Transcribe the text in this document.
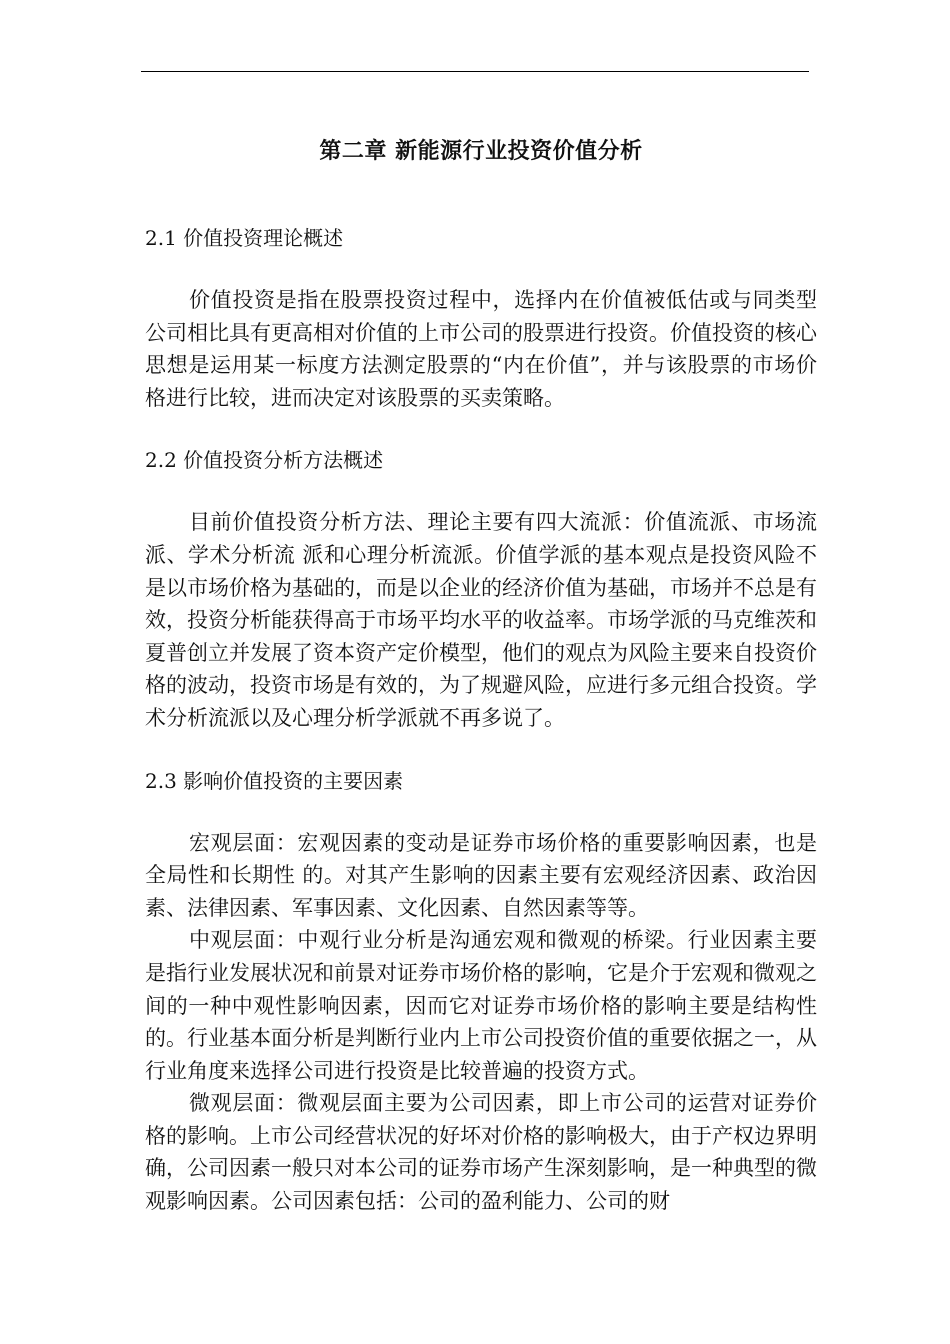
第二章 新能源行业投资价值分析
2.1 价值投资理论概述

价值投资是指在股票投资过程中，选择内在价值被低估或与同类型公司相比具有更高相对价值的上市公司的股票进行投资。价值投资的核心思想是运用某一标度方法测定股票的“内在价值”，并与该股票的市场价格进行比较，进而决定对该股票的买卖策略。

2.2 价值投资分析方法概述

目前价值投资分析方法、理论主要有四大流派：价值流派、市场流派、学术分析流 派和心理分析流派。价值学派的基本观点是投资风险不是以市场价格为基础的，而是以企业的经济价值为基础，市场并不总是有效，投资分析能获得高于市场平均水平的收益率。市场学派的马克维茨和夏普创立并发展了资本资产定价模型，他们的观点为风险主要来自投资价格的波动，投资市场是有效的，为了规避风险，应进行多元组合投资。学术分析流派以及心理分析学派就不再多说了。

2.3 影响价值投资的主要因素

宏观层面：宏观因素的变动是证券市场价格的重要影响因素，也是全局性和长期性 的。对其产生影响的因素主要有宏观经济因素、政治因素、法律因素、军事因素、文化因素、自然因素等等。

中观层面：中观行业分析是沟通宏观和微观的桥梁。行业因素主要是指行业发展状况和前景对证券市场价格的影响，它是介于宏观和微观之间的一种中观性影响因素，因而它对证券市场价格的影响主要是结构性的。行业基本面分析是判断行业内上市公司投资价值的重要依据之一，从行业角度来选择公司进行投资是比较普遍的投资方式。

微观层面：微观层面主要为公司因素，即上市公司的运营对证券价格的影响。上市公司经营状况的好坏对价格的影响极大，由于产权边界明确，公司因素一般只对本公司的证券市场产生深刻影响，是一种典型的微观影响因素。公司因素包括：公司的盈利能力、公司的财
